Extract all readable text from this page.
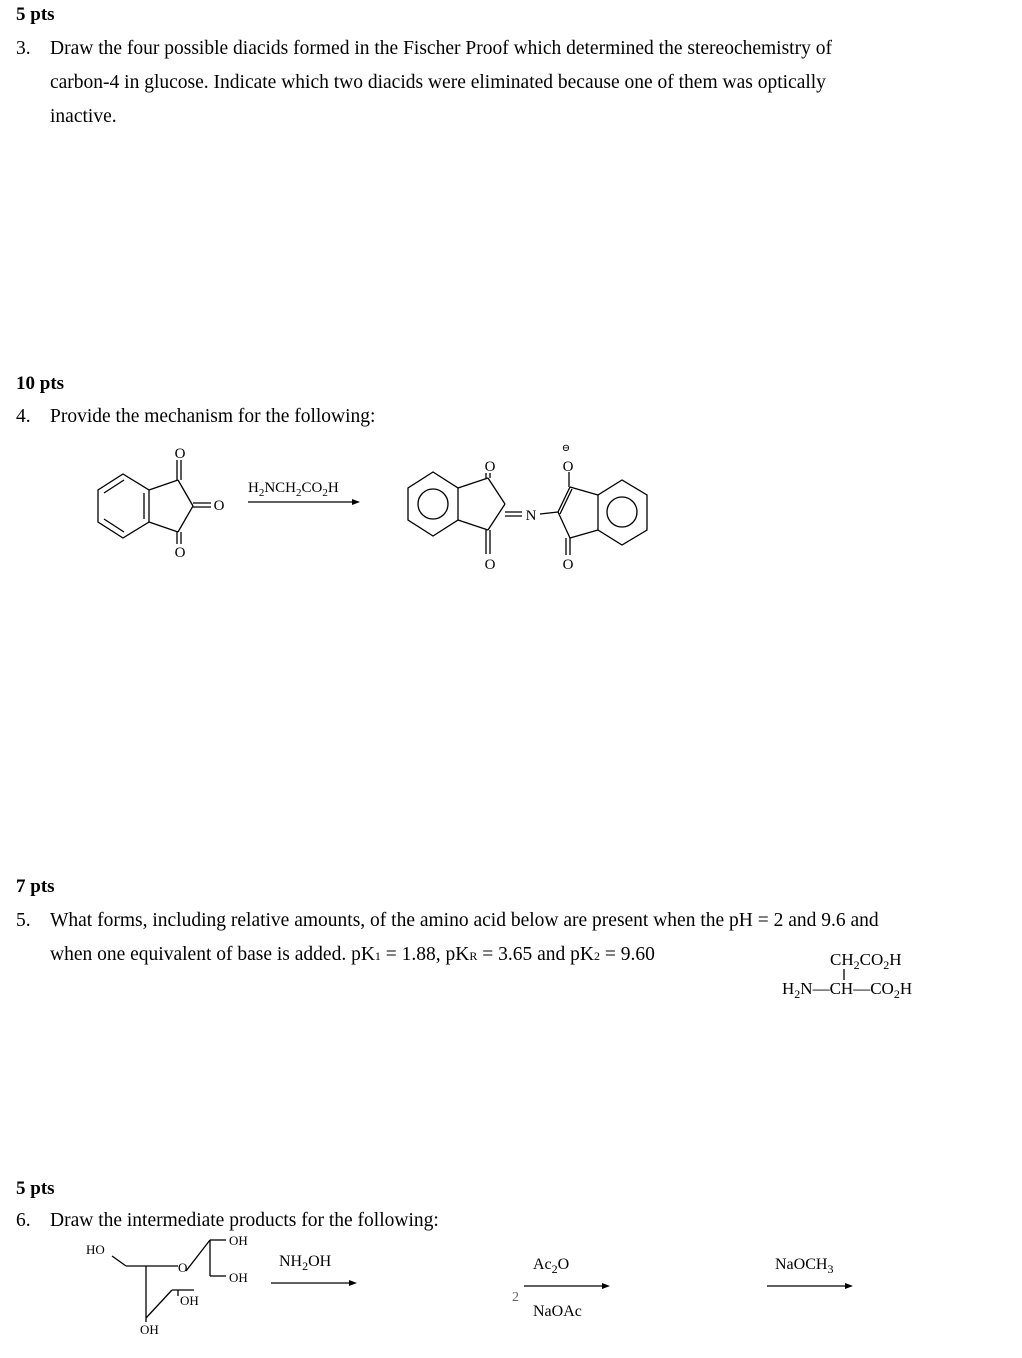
5 pts
3. Draw the four possible diacids formed in the Fischer Proof which determined the stereochemistry of
carbon-4 in glucose. Indicate which two diacids were eliminated because one of them was optically
inactive.
10 pts
4. Provide the mechanism for the following:
O
O
O
$H_2NCH_2CO_2H$
O
O
N
⊖
O
O
7 pts
5. What forms, including relative amounts, of the amino acid below are present when the pH = 2 and 9.6 and
when one equivalent of base is added. pK1 = 1.88, pKR = 3.65 and pK2 = 9.60	$CH_2CO_2H$
$H_2N—CH—CO_2H$
5 pts
6. Draw the intermediate products for the following:
HO
O
OH
OH
OH
OH
$NH_2OH$
2
$Ac_2O$
NaOAc
NaOCH$_3$
